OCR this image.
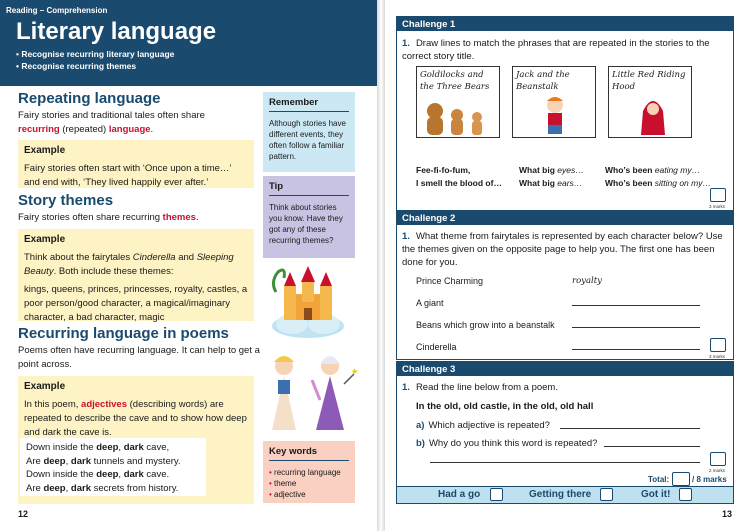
Reading – Comprehension
Literary language
• Recognise recurring literary language
• Recognise recurring themes
Repeating language
Fairy stories and traditional tales often share
recurring (repeated) language.
Example
Fairy stories often start with ‘Once upon a time…’ and end with, ‘They lived happily ever after.’
Story themes
Fairy stories often share recurring themes.
Example
Think about the fairytales Cinderella and Sleeping Beauty. Both include these themes:
kings, queens, princes, princesses, royalty, castles, a poor person/good character, a magical/imaginary character, a bad character, magic
Recurring language in poems
Poems often have recurring language. It can help to get a point across.
Example
In this poem, adjectives (describing words) are repeated to describe the cave and to show how deep and dark the cave is.
Down inside the deep, dark cave,
Are deep, dark tunnels and mystery.
Down inside the deep, dark cave.
Are deep, dark secrets from history.
Remember
Although stories have different events, they often follow a familiar pattern.
Tip
Think about stories you know. Have they got any of these recurring themes?
★
Key words
• recurring language
• theme
• adjective
12
Challenge 1
1. Draw lines to match the phrases that are repeated in the stories to the correct story title.
Goldilocks and the Three Bears
Jack and the Beanstalk
Little Red Riding Hood
Fee-fi-fo-fum,
I smell the blood of…
What big eyes…
What big ears…
Who’s been eating my…
Who’s been sitting on my…
3 marks
Challenge 2
1. What theme from fairytales is represented by each character below? Use the themes given on the opposite page to help you. The first one has been done for you.
Prince Charming	royalty
A giant
Beans which grow into a beanstalk
Cinderella
3 marks
Challenge 3
1. Read the line below from a poem.
In the old, old castle, in the old, old hall
a) Which adjective is repeated?
b) Why do you think this word is repeated?
2 marks
Total:	/ 8 marks
Had a go	Getting there	Got it!
13
